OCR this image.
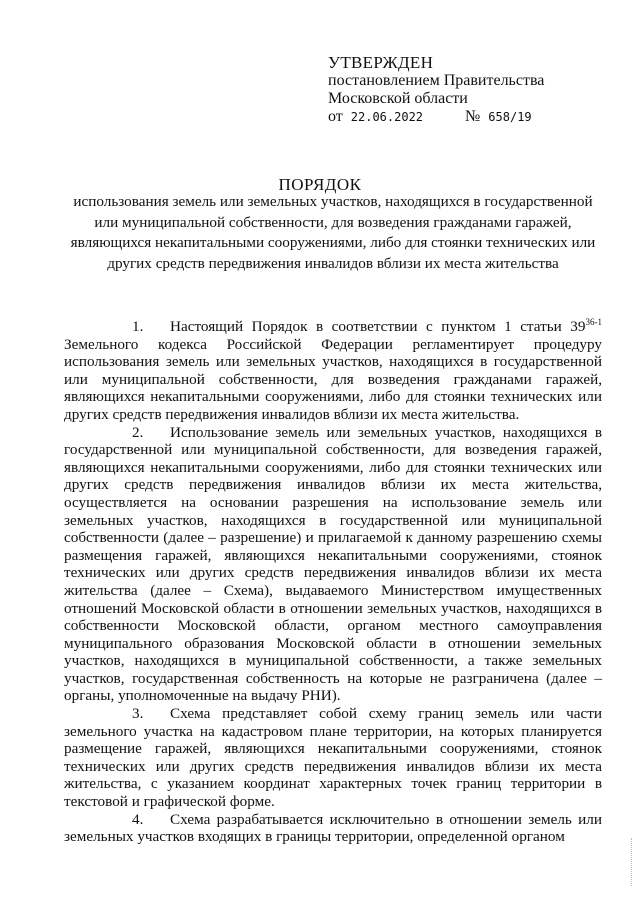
УТВЕРЖДЕН
постановлением Правительства
Московской области
от 22.06.2022	№ 658/19
ПОРЯДОК
использования земель или земельных участков, находящихся в государственной или муниципальной собственности, для возведения гражданами гаражей, являющихся некапитальными сооружениями, либо для стоянки технических или других средств передвижения инвалидов вблизи их места жительства

1. Настоящий Порядок в соответствии с пунктом 1 статьи 39$^{36-1}$ Земельного кодекса Российской Федерации регламентирует процедуру использования земель или земельных участков, находящихся в государственной или муниципальной собственности, для возведения гражданами гаражей, являющихся некапитальными сооружениями, либо для стоянки технических или других средств передвижения инвалидов вблизи их места жительства.

2. Использование земель или земельных участков, находящихся в государственной или муниципальной собственности, для возведения гаражей, являющихся некапитальными сооружениями, либо для стоянки технических или других средств передвижения инвалидов вблизи их места жительства, осуществляется на основании разрешения на использование земель или земельных участков, находящихся в государственной или муниципальной собственности (далее – разрешение) и прилагаемой к данному разрешению схемы размещения гаражей, являющихся некапитальными сооружениями, стоянок технических или других средств передвижения инвалидов вблизи их места жительства (далее – Схема), выдаваемого Министерством имущественных отношений Московской области в отношении земельных участков, находящихся в собственности Московской области, органом местного самоуправления муниципального образования Московской области в отношении земельных участков, находящихся в муниципальной собственности, а также земельных участков, государственная собственность на которые не разграничена (далее – органы, уполномоченные на выдачу РНИ).

3. Схема представляет собой схему границ земель или части земельного участка на кадастровом плане территории, на которых планируется размещение гаражей, являющихся некапитальными сооружениями, стоянок технических или других средств передвижения инвалидов вблизи их места жительства, с указанием координат характерных точек границ территории в текстовой и графической форме.

4. Схема разрабатывается исключительно в отношении земель или земельных участков входящих в границы территории, определенной органом
